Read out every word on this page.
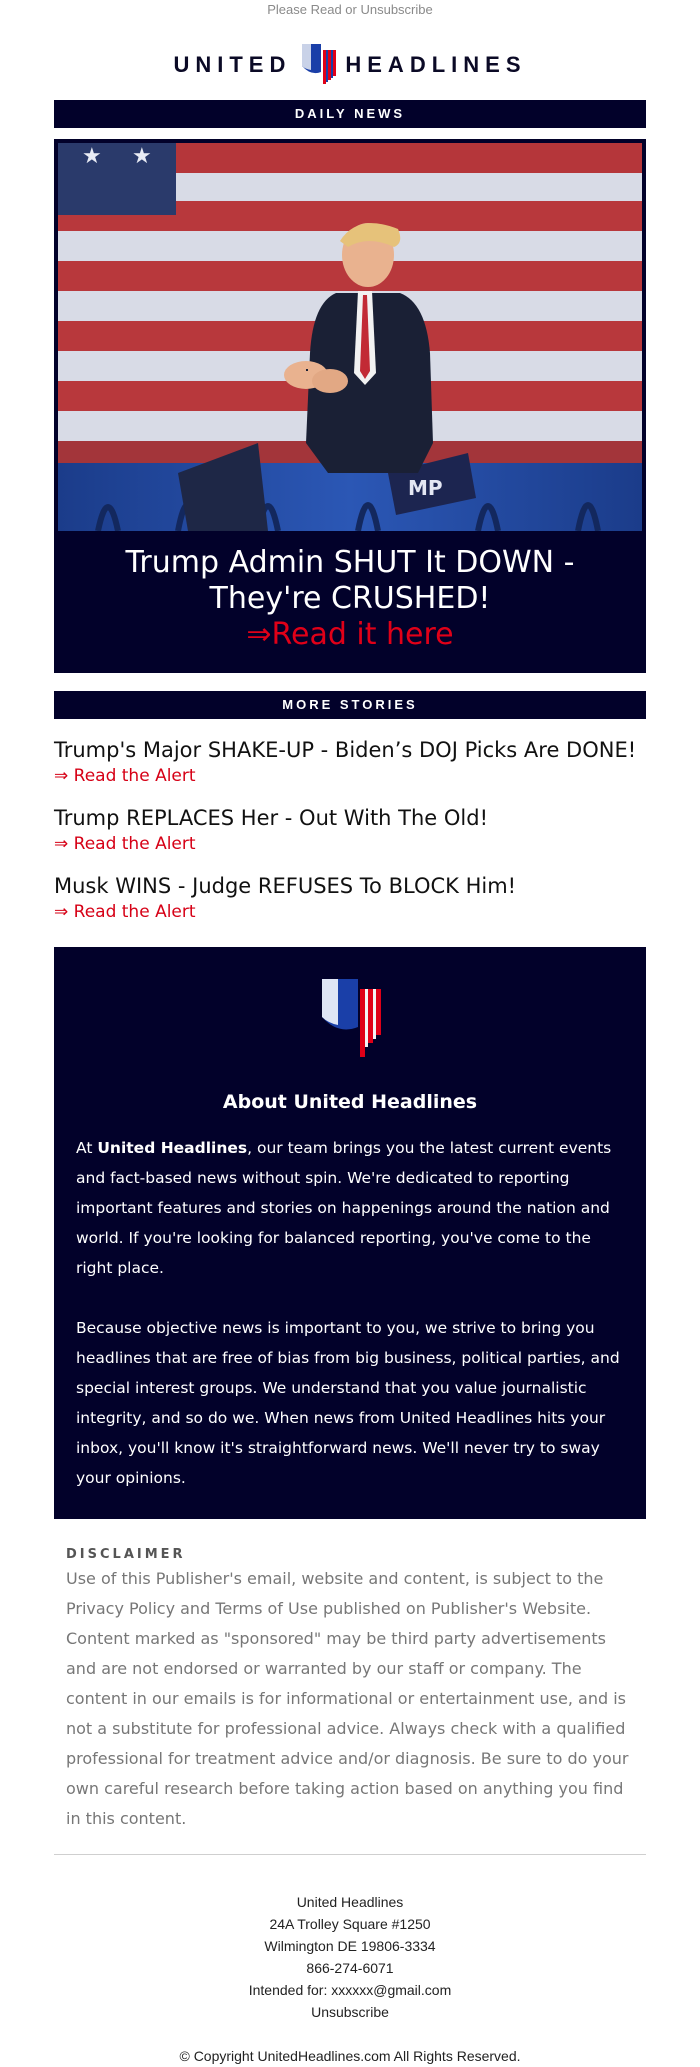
Please Read or Unsubscribe
UNITED HEADLINES
DAILY NEWS
★ ★
MP
Trump Admin SHUT It DOWN - They're CRUSHED!
⇒Read it here
MORE STORIES
Trump's Major SHAKE-UP - Biden’s DOJ Picks Are DONE!
⇒ Read the Alert
Trump REPLACES Her - Out With The Old!
⇒ Read the Alert
Musk WINS - Judge REFUSES To BLOCK Him!
⇒ Read the Alert
About United Headlines
At United Headlines, our team brings you the latest current events and fact-based news without spin. We're dedicated to reporting important features and stories on happenings around the nation and world. If you're looking for balanced reporting, you've come to the right place.
Because objective news is important to you, we strive to bring you headlines that are free of bias from big business, political parties, and special interest groups. We understand that you value journalistic integrity, and so do we. When news from United Headlines hits your inbox, you'll know it's straightforward news. We'll never try to sway your opinions.
DISCLAIMER
Use of this Publisher's email, website and content, is subject to the Privacy Policy and Terms of Use published on Publisher's Website. Content marked as "sponsored" may be third party advertisements and are not endorsed or warranted by our staff or company. The content in our emails is for informational or entertainment use, and is not a substitute for professional advice. Always check with a qualified professional for treatment advice and/or diagnosis. Be sure to do your own careful research before taking action based on anything you find in this content.
United Headlines
24A Trolley Square #1250
Wilmington DE 19806-3334
866-274-6071
Intended for: xxxxxx@gmail.com
Unsubscribe
© Copyright UnitedHeadlines.com All Rights Reserved.
